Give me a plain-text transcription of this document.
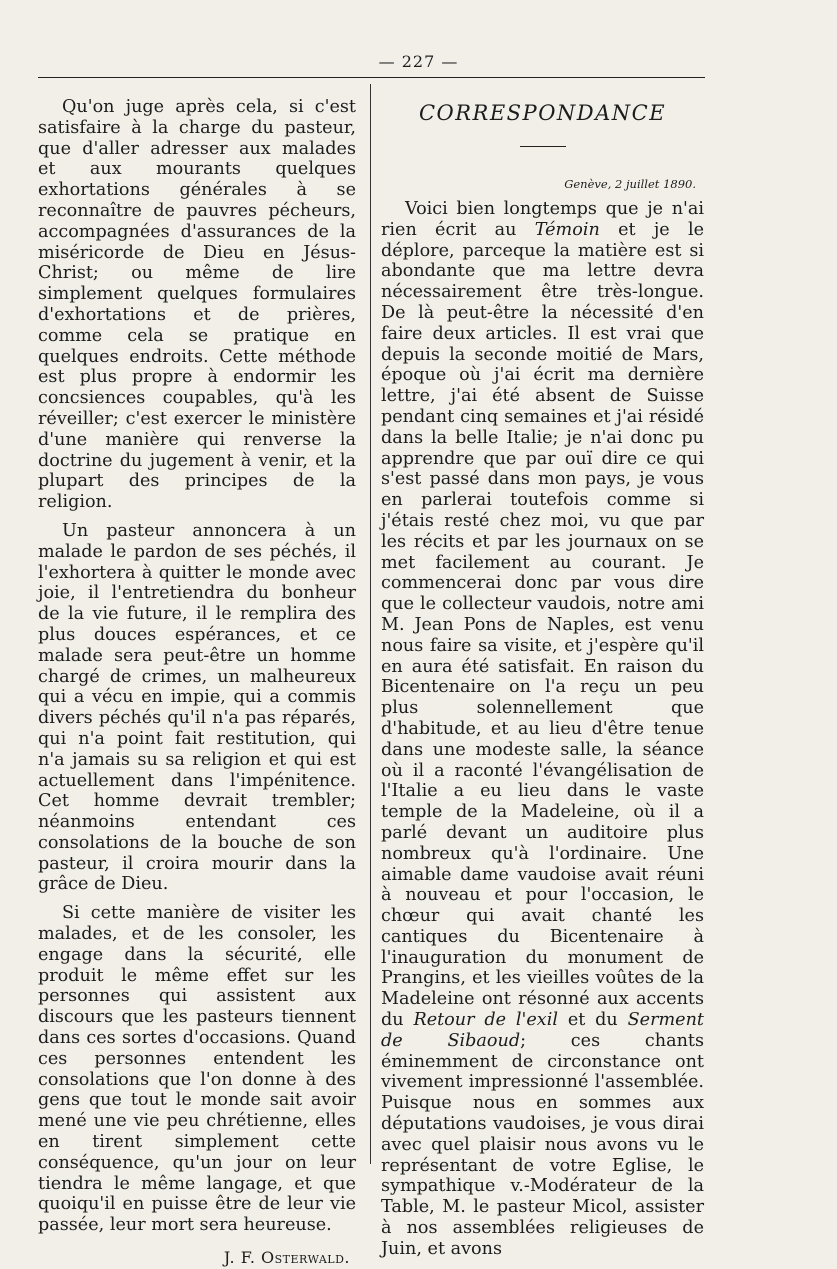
— 227 —

Qu'on juge après cela, si c'est satisfaire à la charge du pasteur, que d'aller adresser aux malades et aux mourants quelques exhortations générales à se reconnaître de pauvres pécheurs, accompagnées d'assurances de la miséricorde de Dieu en Jésus-Christ; ou même de lire simplement quelques formulaires d'exhortations et de prières, comme cela se pratique en quelques endroits. Cette méthode est plus propre à endormir les concsiences coupables, qu'à les réveiller; c'est exercer le ministère d'une manière qui renverse la doctrine du jugement à venir, et la plupart des principes de la religion.

Un pasteur annoncera à un malade le pardon de ses péchés, il l'exhortera à quitter le monde avec joie, il l'entretiendra du bonheur de la vie future, il le remplira des plus douces espérances, et ce malade sera peut-être un homme chargé de crimes, un malheureux qui a vécu en impie, qui a commis divers péchés qu'il n'a pas réparés, qui n'a point fait restitution, qui n'a jamais su sa religion et qui est actuellement dans l'impénitence. Cet homme devrait trembler; néanmoins entendant ces consolations de la bouche de son pasteur, il croira mourir dans la grâce de Dieu.

Si cette manière de visiter les malades, et de les consoler, les engage dans la sécurité, elle produit le même effet sur les personnes qui assistent aux discours que les pasteurs tiennent dans ces sortes d'occasions. Quand ces personnes entendent les consolations que l'on donne à des gens que tout le monde sait avoir mené une vie peu chrétienne, elles en tirent simplement cette conséquence, qu'un jour on leur tiendra le même langage, et que quoiqu'il en puisse être de leur vie passée, leur mort sera heureuse.

J. F. Osterwald.

CORRESPONDANCE
Genève, 2 juillet 1890.

Voici bien longtemps que je n'ai rien écrit au Témoin et je le déplore, parceque la matière est si abondante que ma lettre devra nécessairement être très-longue. De là peut-être la nécessité d'en faire deux articles. Il est vrai que depuis la seconde moitié de Mars, époque où j'ai écrit ma dernière lettre, j'ai été absent de Suisse pendant cinq semaines et j'ai résidé dans la belle Italie; je n'ai donc pu apprendre que par ouï dire ce qui s'est passé dans mon pays, je vous en parlerai toutefois comme si j'étais resté chez moi, vu que par les récits et par les journaux on se met facilement au courant. Je commencerai donc par vous dire que le collecteur vaudois, notre ami M. Jean Pons de Naples, est venu nous faire sa visite, et j'espère qu'il en aura été satisfait. En raison du Bicentenaire on l'a reçu un peu plus solennellement que d'habitude, et au lieu d'être tenue dans une modeste salle, la séance où il a raconté l'évangélisation de l'Italie a eu lieu dans le vaste temple de la Madeleine, où il a parlé devant un auditoire plus nombreux qu'à l'ordinaire. Une aimable dame vaudoise avait réuni à nouveau et pour l'occasion, le chœur qui avait chanté les cantiques du Bicentenaire à l'inauguration du monument de Prangins, et les vieilles voûtes de la Madeleine ont résonné aux accents du Retour de l'exil et du Serment de Sibaoud; ces chants éminemment de circonstance ont vivement impressionné l'assemblée. Puisque nous en sommes aux députations vaudoises, je vous dirai avec quel plaisir nous avons vu le représentant de votre Eglise, le sympathique v.-Modérateur de la Table, M. le pasteur Micol, assister à nos assemblées religieuses de Juin, et avons
